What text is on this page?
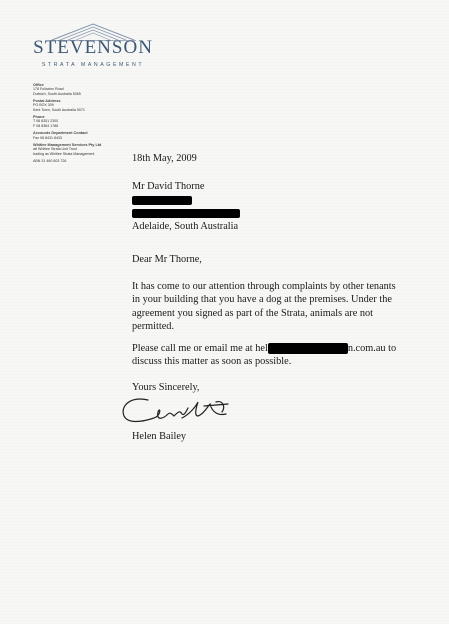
STEVENSON
STRATA MANAGEMENT
Office
178 Fullarton Road
Dulwich, South Australia 5065
Postal Address
PO BOX 309
Kent Town, South Australia 5071
Phone
T 08 8351 2300
F 08 8364 1788
Accounts Department Contact
Fax 08 8431 8433
Whitlee Management Services Pty Ltd
atf Whitlee Strata Unit Trust
trading as Whitlee Strata Management
ABN 31 460 603 726	18th May, 2009
Mr David Thorne
Adelaide, South Australia
Dear Mr Thorne,
It has come to our attention through complaints by other tenants in your building that you have a dog at the premises. Under the agreement you signed as part of the Strata, animals are not permitted.
Please call me or email me at hel	n.com.au to
discuss this matter as soon as possible.
Yours Sincerely,
Helen Bailey
